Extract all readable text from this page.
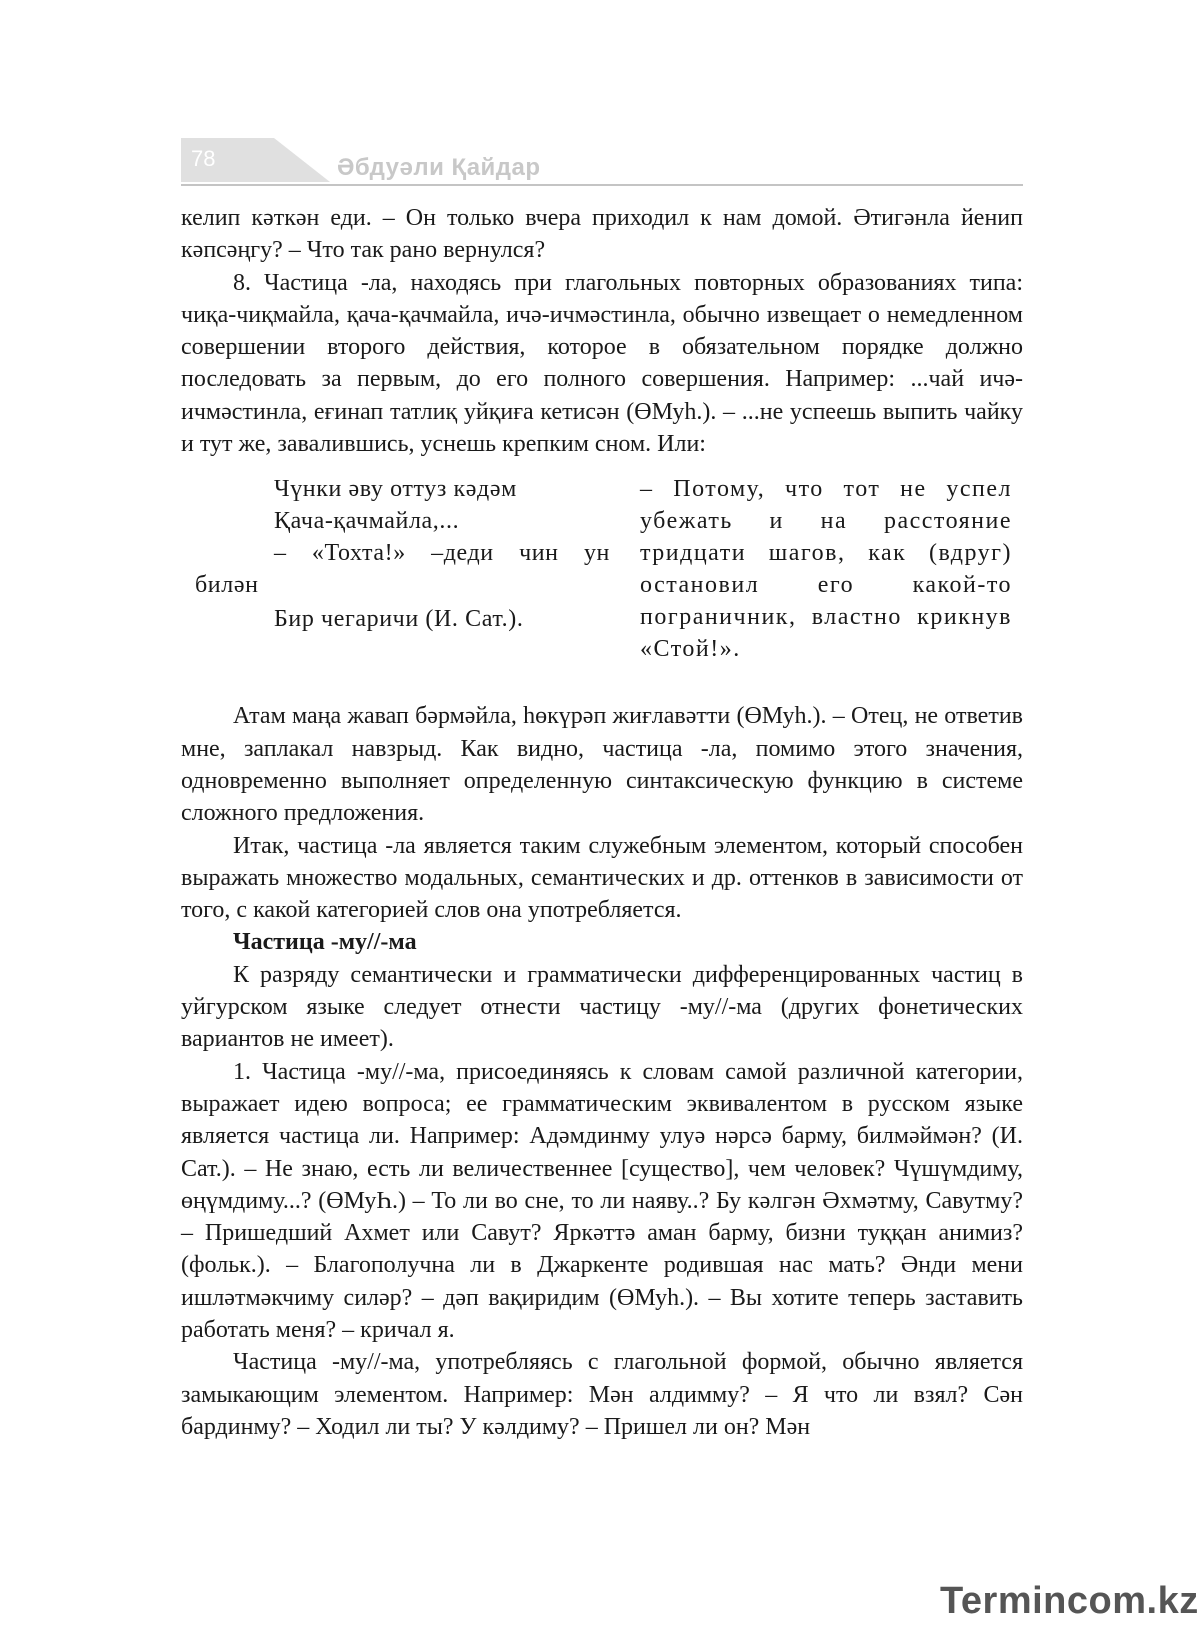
78	Әбдуәли Қайдар

келип кәткән еди. – Он только вчера приходил к нам домой. Әтигәнла йенип кәпсәңгу? – Что так рано вернулся?

8. Частица -ла, находясь при глагольных повторных образованиях типа: чиқа-чиқмайла, қача-қачмайла, ичә-ичмәстинла, обычно извещает о немедленном совершении второго действия, которое в обязательном порядке должно последовать за первым, до его полного совершения. Например: ...чай ичә-ичмәстинла, еғинап татлиқ уйқиға кетисән (ӨМуһ.). – ...не успеешь выпить чайку и тут же, завалившись, уснешь крепким сном. Или:

Чүнки әву оттуз кәдәм
Қача-қачмайла,...
– «Тохта!» –деди чин ун
билән
Бир чегаричи (И. Сат.).
– Потому, что тот не успел убежать и на расстояние тридцати шагов, как (вдруг) остановил его какой-то пограничник, властно крикнув «Стой!».

Атам маңа жавап бәрмәйла, һөкүрәп жиғлавәтти (ӨМуһ.). – Отец, не ответив мне, заплакал навзрыд. Как видно, частица -ла, помимо этого значения, одновременно выполняет определенную синтаксическую функцию в системе сложного предложения.

Итак, частица -ла является таким служебным элементом, который способен выражать множество модальных, семантических и др. оттенков в зависимости от того, с какой категорией слов она употребляется.

Частица -му//-ма

К разряду семантически и грамматически дифференцированных частиц в уйгурском языке следует отнести частицу -му//-ма (других фонетических вариантов не имеет).

1. Частица -му//-ма, присоединяясь к словам самой различной категории, выражает идею вопроса; ее грамматическим эквивалентом в русском языке является частица ли. Например: Адәмдинму улуә нәрсә барму, билмәймән? (И. Сат.). – Не знаю, есть ли величественнее [существо], чем человек? Чүшүмдиму, өңүмдиму...? (ӨМуҺ.) – То ли во сне, то ли наяву..? Бу кәлгән Әхмәтму, Савутму? – Пришедший Ахмет или Савут? Яркәттә аман барму, бизни туққан анимиз? (фольк.). – Благополучна ли в Джаркенте родившая нас мать? Әнди мени ишләтмәкчиму силәр? – дәп вақиридим (ӨМуһ.). – Вы хотите теперь заставить работать меня? – кричал я.

Частица -му//-ма, употребляясь с глагольной формой, обычно является замыкающим элементом. Например: Мән алдимму? – Я что ли взял? Сән бардинму? – Ходил ли ты? У кәлдиму? – Пришел ли он? Мән

Termincom.kz
